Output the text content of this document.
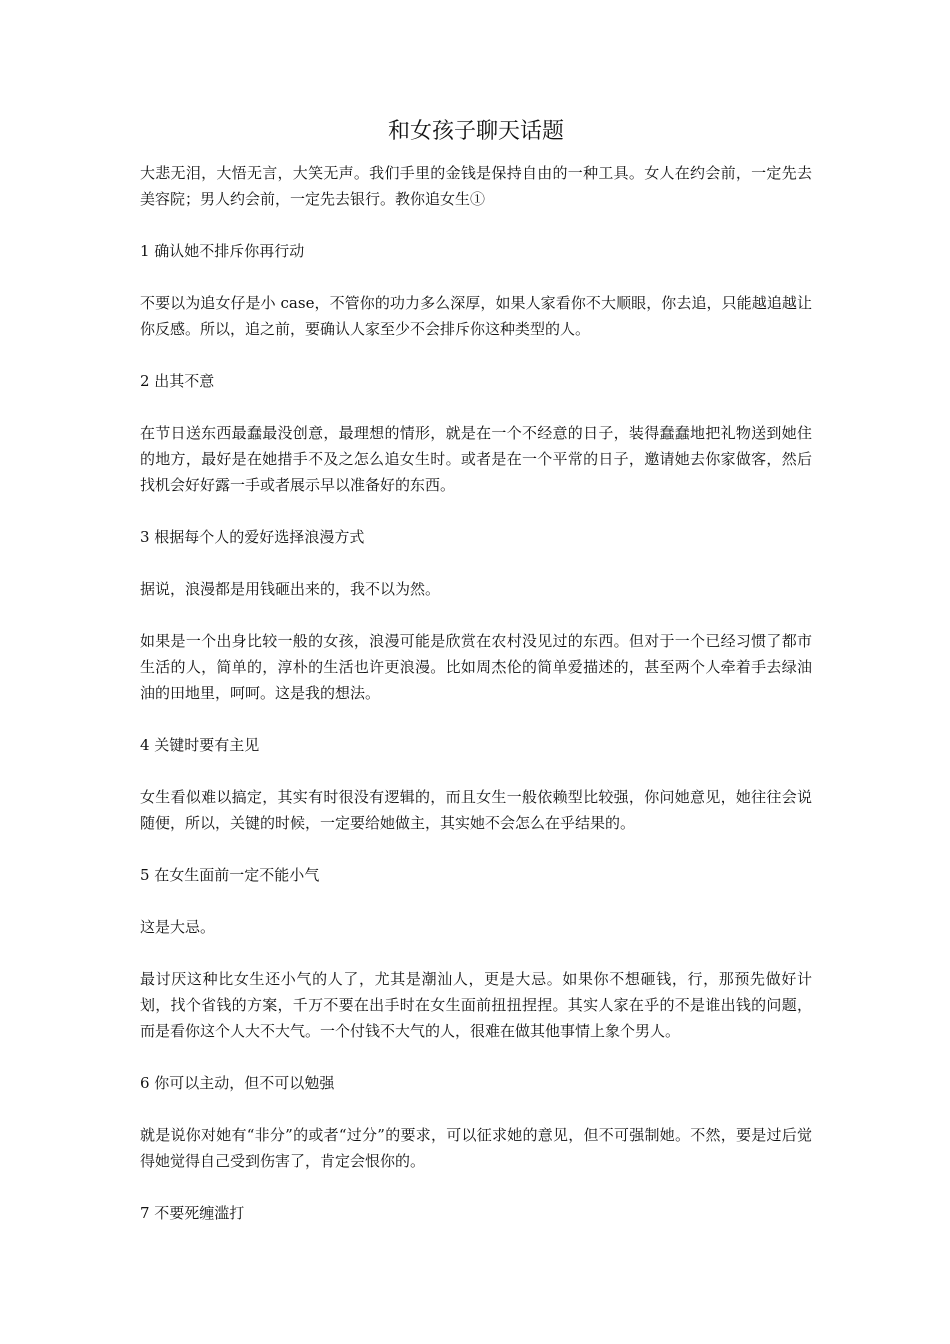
和女孩子聊天话题

大悲无泪，大悟无言，大笑无声。我们手里的金钱是保持自由的一种工具。女人在约会前，一定先去美容院；男人约会前，一定先去银行。教你追女生①

1 确认她不排斥你再行动

不要以为追女仔是小 case，不管你的功力多么深厚，如果人家看你不大顺眼，你去追，只能越追越让你反感。所以，追之前，要确认人家至少不会排斥你这种类型的人。

2 出其不意

在节日送东西最蠢最没创意，最理想的情形，就是在一个不经意的日子，装得蠢蠢地把礼物送到她住的地方，最好是在她措手不及之怎么追女生时。或者是在一个平常的日子，邀请她去你家做客，然后找机会好好露一手或者展示早以准备好的东西。

3 根据每个人的爱好选择浪漫方式

据说，浪漫都是用钱砸出来的，我不以为然。

如果是一个出身比较一般的女孩，浪漫可能是欣赏在农村没见过的东西。但对于一个已经习惯了都市生活的人，简单的，淳朴的生活也许更浪漫。比如周杰伦的简单爱描述的，甚至两个人牵着手去绿油油的田地里，呵呵。这是我的想法。

4 关键时要有主见

女生看似难以搞定，其实有时很没有逻辑的，而且女生一般依赖型比较强，你问她意见，她往往会说随便，所以，关键的时候，一定要给她做主，其实她不会怎么在乎结果的。

5 在女生面前一定不能小气

这是大忌。

最讨厌这种比女生还小气的人了，尤其是潮汕人，更是大忌。如果你不想砸钱，行，那预先做好计划，找个省钱的方案，千万不要在出手时在女生面前扭扭捏捏。其实人家在乎的不是谁出钱的问题，而是看你这个人大不大气。一个付钱不大气的人，很难在做其他事情上象个男人。

6 你可以主动，但不可以勉强

就是说你对她有“非分”的或者“过分”的要求，可以征求她的意见，但不可强制她。不然，要是过后觉得她觉得自己受到伤害了，肯定会恨你的。

7 不要死缠滥打
